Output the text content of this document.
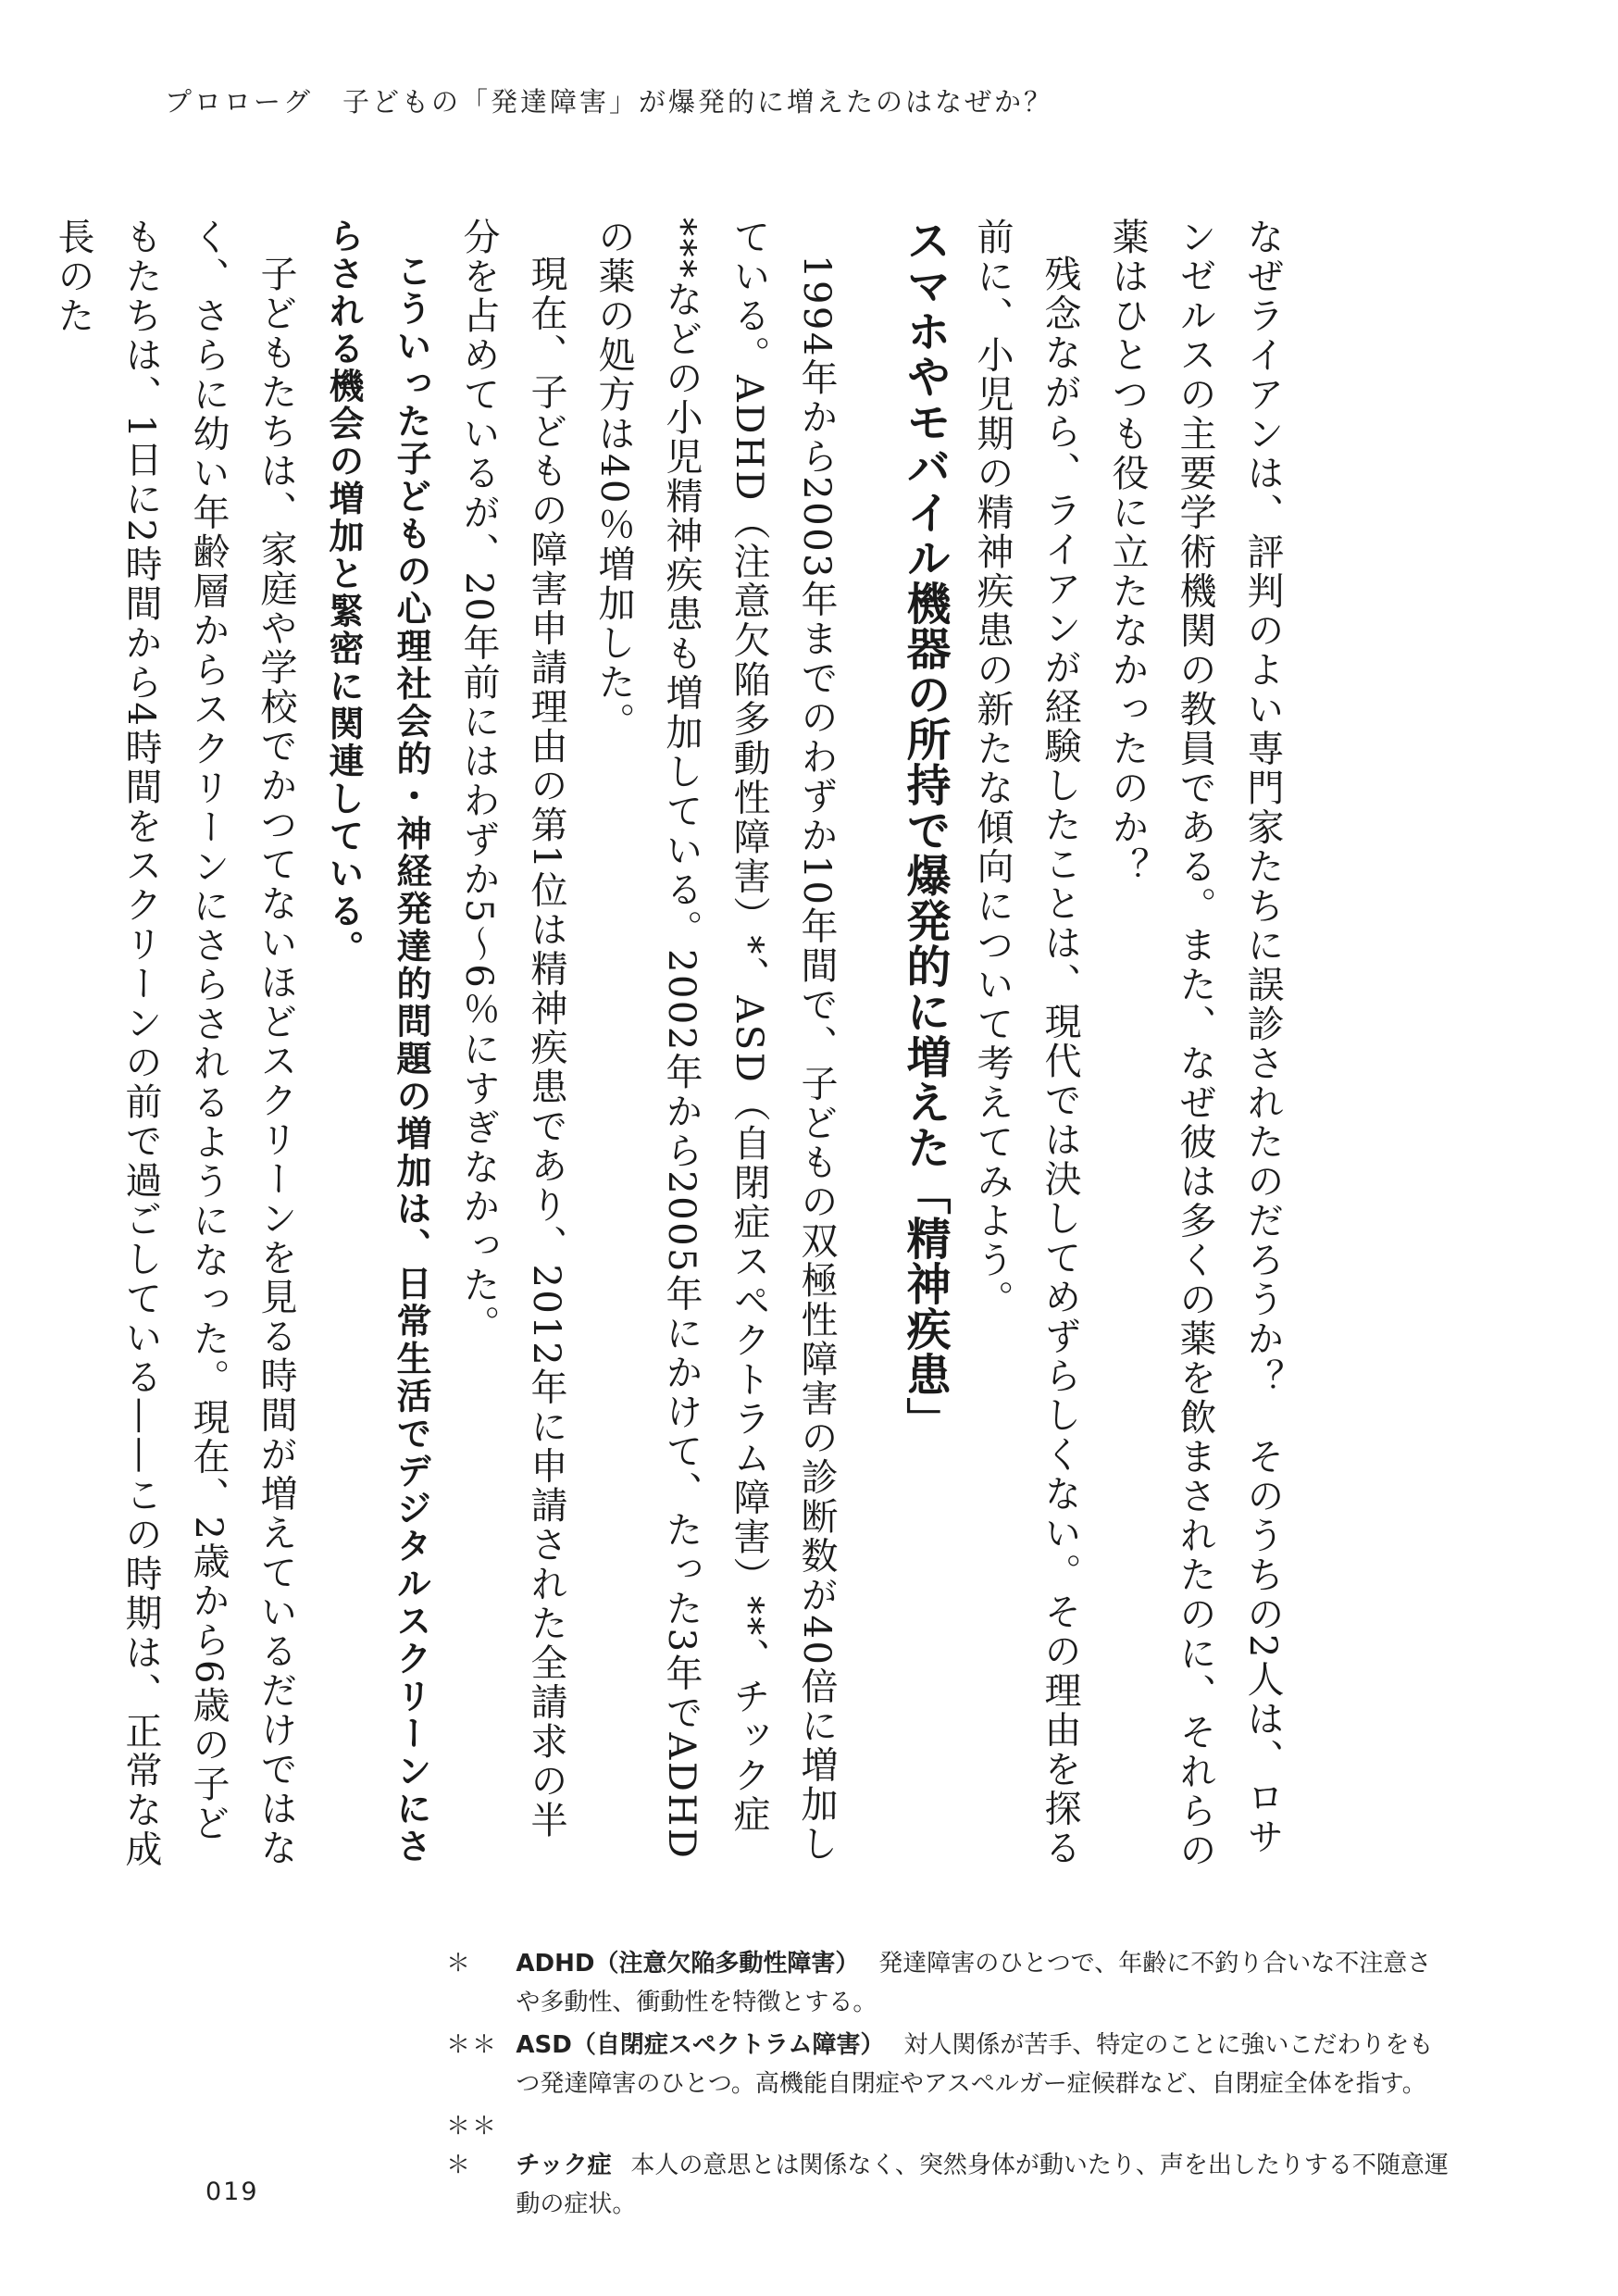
プロローグ　子どもの「発達障害」が爆発的に増えたのはなぜか？

なぜライアンは、評判のよい専門家たちに誤診されたのだろうか？　そのうちの2人は、ロサンゼルスの主要学術機関の教員である。また、なぜ彼は多くの薬を飲まされたのに、それらの薬はひとつも役に立たなかったのか？

残念ながら、ライアンが経験したことは、現代では決してめずらしくない。その理由を探る前に、小児期の精神疾患の新たな傾向について考えてみよう。

スマホやモバイル機器の所持で爆発的に増えた「精神疾患」

1994年から2003年までのわずか10年間で、子どもの双極性障害の診断数が40倍に増加している。ADHD（注意欠陥多動性障害）*、ASD（自閉症スペクトラム障害）**、チック症***などの小児精神疾患も増加している。2002年から2005年にかけて、たった3年でADHDの薬の処方は40％増加した。

現在、子どもの障害申請理由の第1位は精神疾患であり、2012年に申請された全請求の半分を占めているが、20年前にはわずか5〜6％にすぎなかった。

こういった子どもの心理社会的・神経発達的問題の増加は、日常生活でデジタルスクリーンにさらされる機会の増加と緊密に関連している。

子どもたちは、家庭や学校でかつてないほどスクリーンを見る時間が増えているだけではなく、さらに幼い年齢層からスクリーンにさらされるようになった。現在、2歳から6歳の子どもたちは、1日に2時間から4時間をスクリーンの前で過ごしている——この時期は、正常な成長のた

＊ ADHD（注意欠陥多動性障害） 発達障害のひとつで、年齢に不釣り合いな不注意さや多動性、衝動性を特徴とする。
＊＊ ASD（自閉症スペクトラム障害） 対人関係が苦手、特定のことに強いこだわりをもつ発達障害のひとつ。高機能自閉症やアスペルガー症候群など、自閉症全体を指す。
＊＊＊ チック症 本人の意思とは関係なく、突然身体が動いたり、声を出したりする不随意運動の症状。
019
